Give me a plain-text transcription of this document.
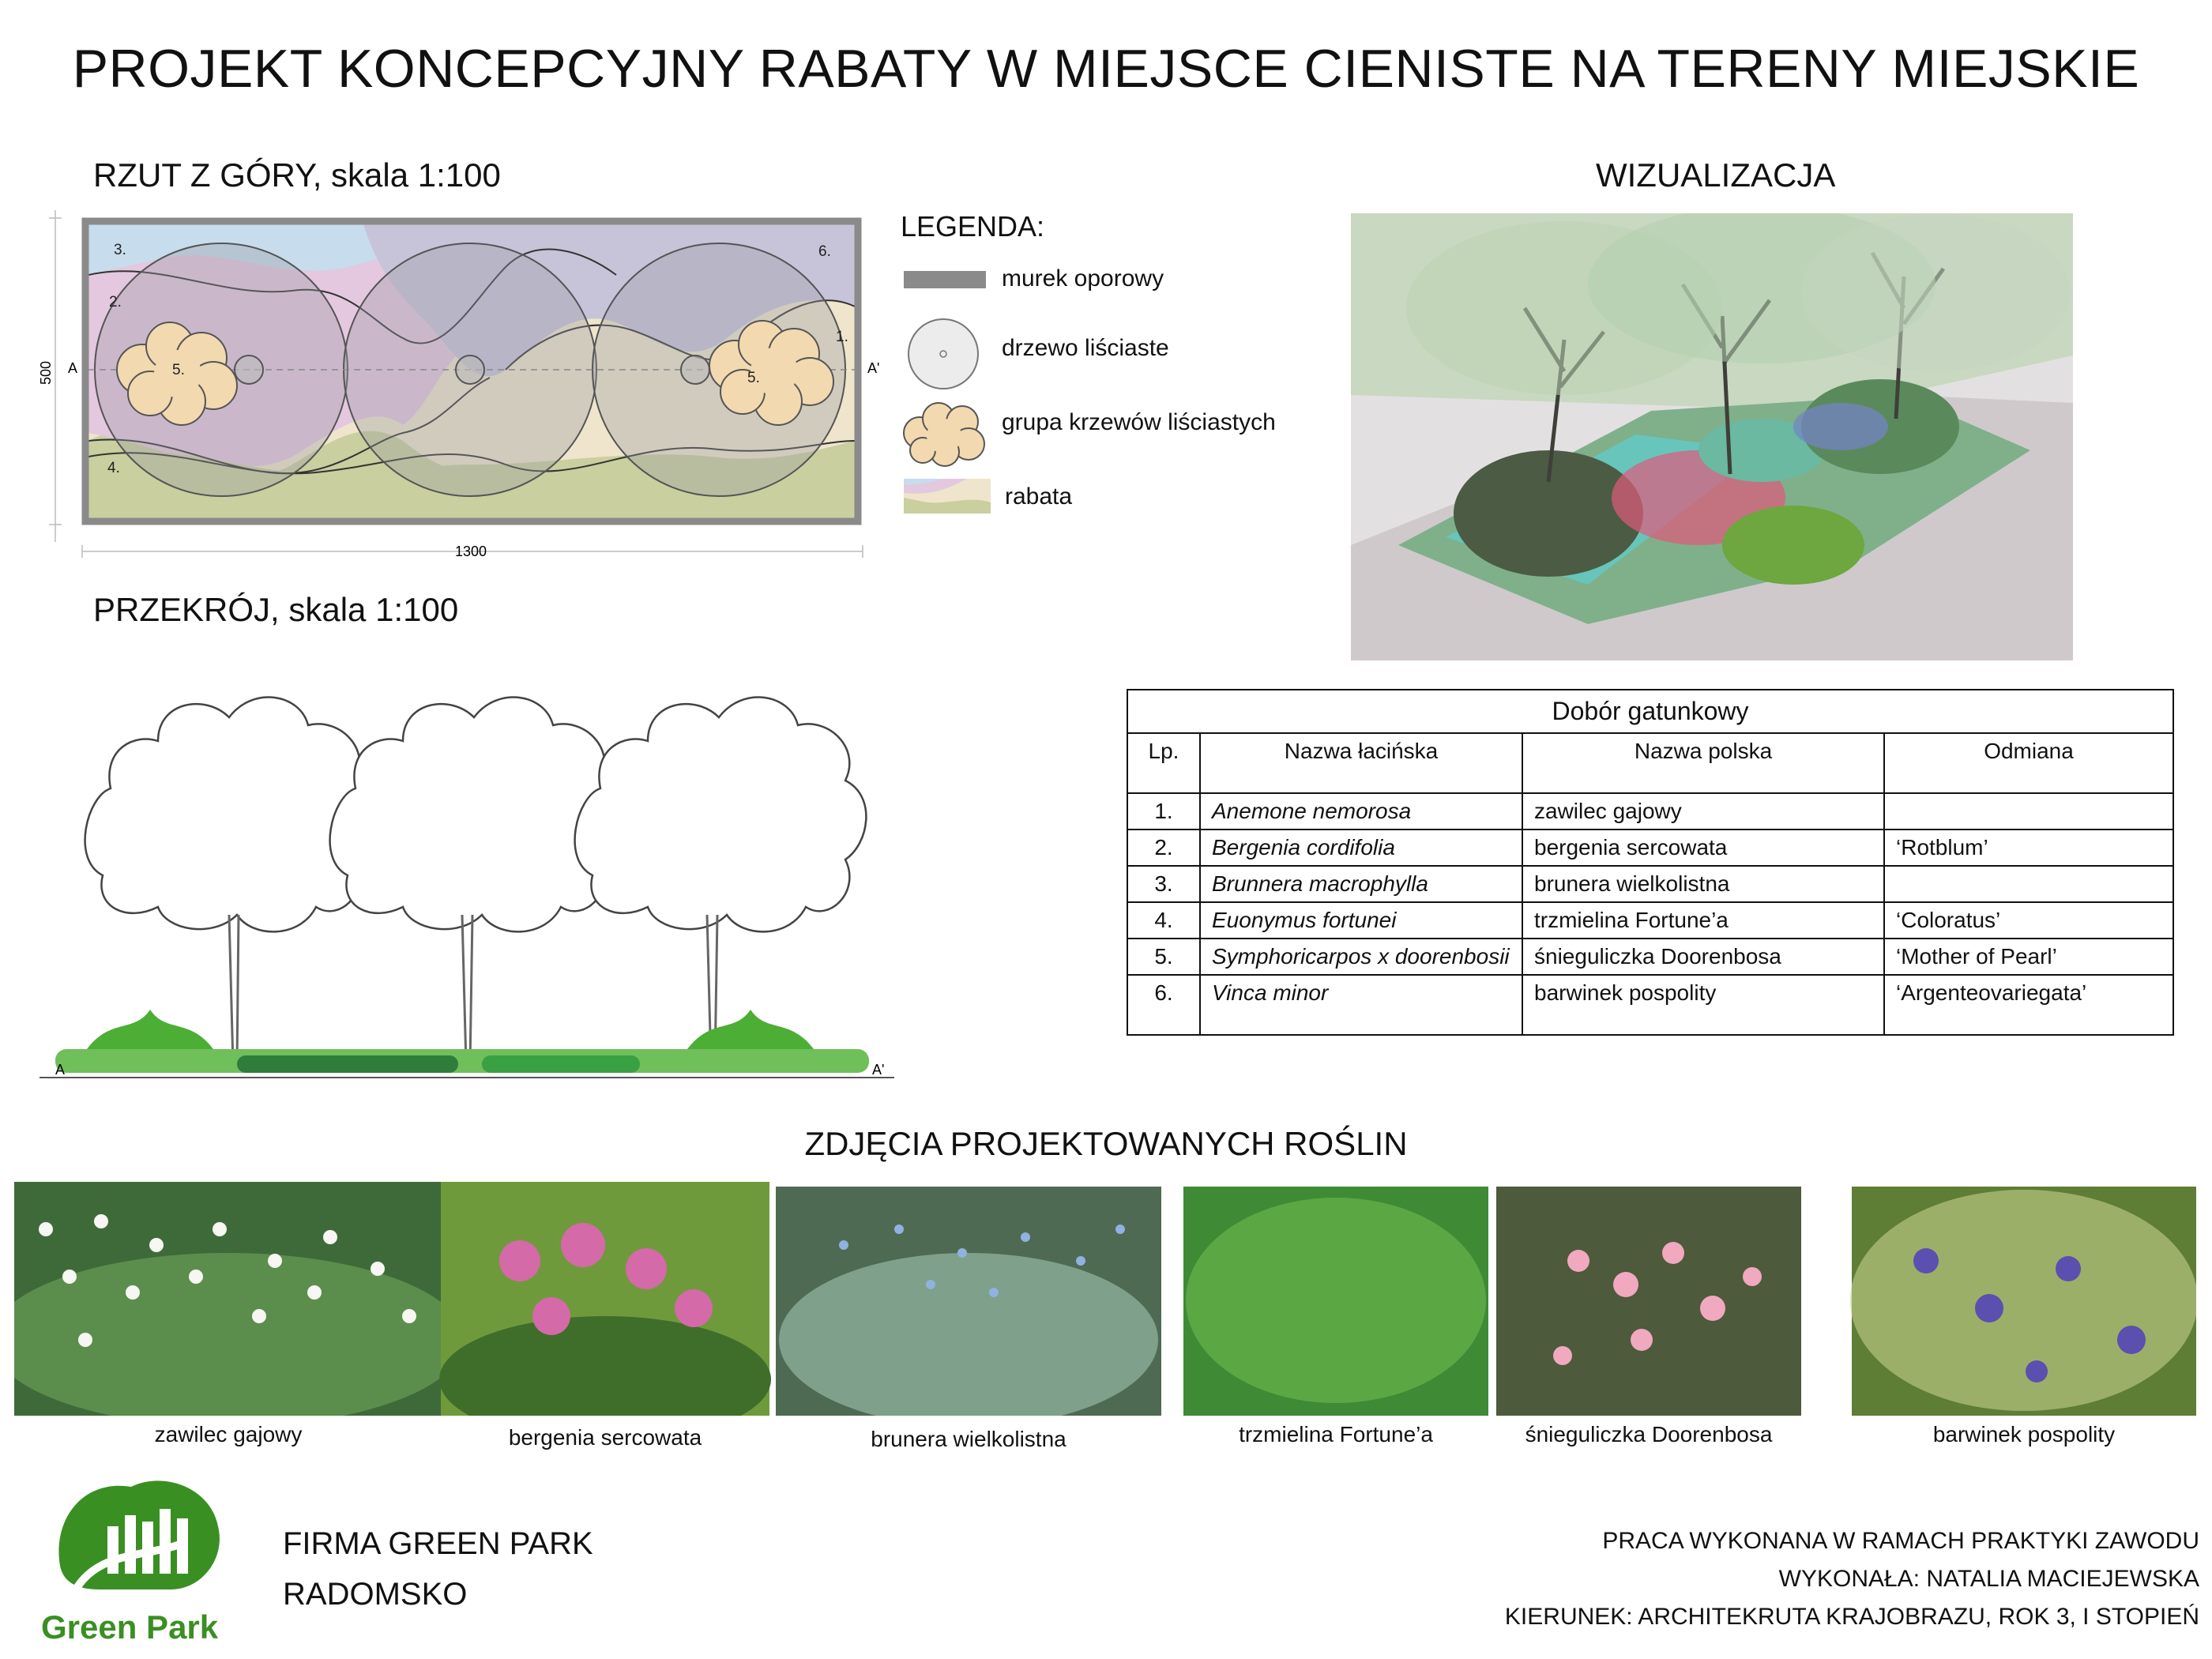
PROJEKT KONCEPCYJNY RABATY W MIEJSCE CIENISTE NA TERENY MIEJSKIE
RZUT Z GÓRY, skala 1:100
500
1300
1.
2.
3.
4.
5.	5.
6.
A	A'
LEGENDA:
murek oporowy
drzewo liściaste
grupa krzewów liściastych
rabata
WIZUALIZACJA
PRZEKRÓJ, skala 1:100
A	A'
Dobór gatunkowy			
Lp.	Nazwa łacińska	Nazwa polska	Odmiana
1.	Anemone nemorosa	zawilec gajowy	
2.	Bergenia cordifolia	bergenia sercowata	‘Rotblum’
3.	Brunnera macrophylla	brunera wielkolistna	
4.	Euonymus fortunei	trzmielina Fortune’a	‘Coloratus’
5.	Symphoricarpos x doorenbosii	śnieguliczka Doorenbosa	‘Mother of Pearl’
6.	Vinca minor	barwinek pospolity	‘Argenteovariegata’
ZDJĘCIA PROJEKTOWANYCH ROŚLIN
zawilec gajowy	bergenia sercowata	brunera wielkolistna	trzmielina Fortune’a	śnieguliczka Doorenbosa	barwinek pospolity
Green Park
FIRMA GREEN PARK
RADOMSKO
PRACA WYKONANA W RAMACH PRAKTYKI ZAWODU
WYKONAŁA: NATALIA MACIEJEWSKA
KIERUNEK: ARCHITEKRUTA KRAJOBRAZU, ROK 3, I STOPIEŃ
